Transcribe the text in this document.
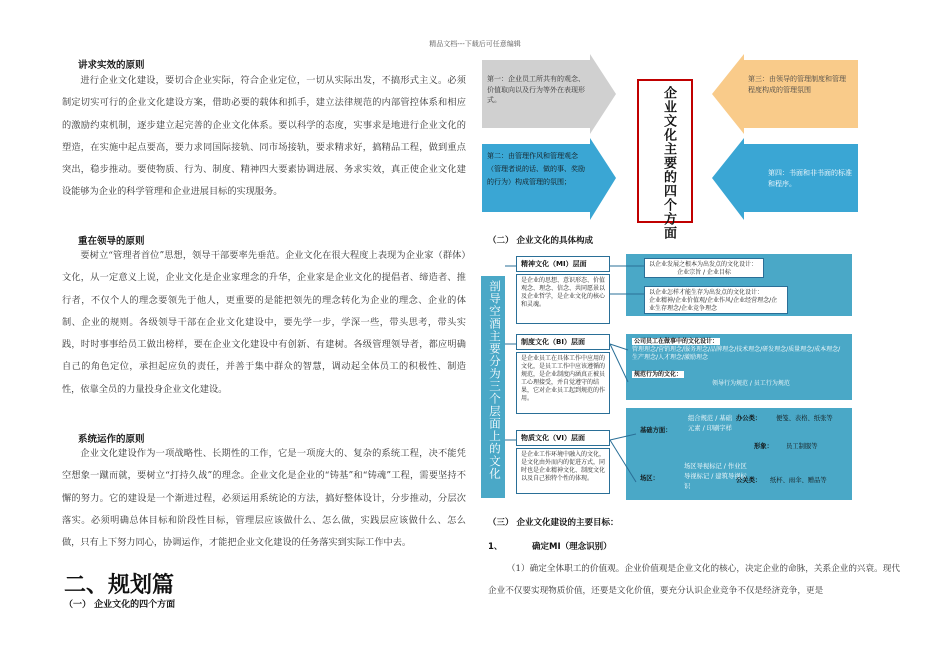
精品文档---下载后可任意编辑
讲求实效的原则
进行企业文化建设，要切合企业实际，符合企业定位，一切从实际出发，不搞形式主义。必须制定切实可行的企业文化建设方案，借助必要的载体和抓手，建立法律规范的内部管控体系和相应的激励约束机制，逐步建立起完善的企业文化体系。要以科学的态度，实事求是地进行企业文化的塑造，在实施中起点要高，要力求同国际接轨、同市场接轨，要求精求好，搞精品工程，做到重点突出，稳步推动。要使物质、行为、制度、精神四大要素协调进展、务求实效，真正使企业文化建设能够为企业的科学管理和企业进展目标的实现服务。
重在领导的原则
要树立“管理者首位”思想，领导干部要率先垂范。企业文化在很大程度上表现为企业家（群体）文化，从一定意义上说，企业文化是企业家理念的升华，企业家是企业文化的提倡者、缔造者、推行者，不仅个人的理念要领先于他人，更重要的是能把领先的理念转化为企业的理念、企业的体制、企业的规则。各级领导干部在企业文化建设中，要先学一步，学深一些，带头思考，带头实践，时时事事给员工做出榜样，要在企业文化建设中有创新、有建树。各级管理领导者，都应明确自己的角色定位，承担起应负的责任，并善于集中群众的智慧，调动起全体员工的积极性、制造性，依靠全员的力量投身企业文化建设。
系统运作的原则
企业文化建设作为一项战略性、长期性的工作，它是一项庞大的、复杂的系统工程，决不能凭空想象一蹴而就，要树立“打持久战”的理念。企业文化是企业的“铸基”和“铸魂”工程，需要坚持不懈的努力。它的建设是一个渐进过程，必须运用系统论的方法，搞好整体设计，分步推动，分层次落实。必须明确总体目标和阶段性目标，管理层应该做什么、怎么做，实践层应该做什么、怎么做，只有上下努力同心，协调运作，才能把企业文化建设的任务落实到实际工作中去。
二、规划篇
（一） 企业文化的四个方面
第一：企业员工所共有的观念、价值取向以及行为等外在表现形式。
第二：由管理作风和管理观念（管理者说的话、做的事、奖励的行为）构成管理的氛围；
第三：由领导的管理制度和管理程度构成的管理氛围
第四：书面和非书面的标准和程序。
企业文化主要的四个方面
（二） 企业文化的具体构成
剖导空酒主要分为三个层面上的文化
精神文化（MI）层面
是企业的思想、意识形态、价值观念、理念、信念、共同愿景以及企业哲学，是企业文化的核心和灵魂。
以企业发展之根本为出发点的文化设计：
企业宗旨 / 企业目标
以企业怎样才能生存为出发点的文化设计：
企业精神/企业价值观/企业作风/企业经营理念/企业生存理念/企业竞争理念
制度文化（BI）层面
是企业员工在具体工作中应用的文化，是员工工作中应该遵循的规范，是企业制度内涵真正被员工心理接受，并自觉遵守的结果，它对企业员工起到规范的作用。
公司员工在做事中的文化设计：
管理理念/营销理念/服务理念/品牌理念/技术理念/研发理念/质量理念/成本理念/生产理念/人才理念/激励理念
规范行为的文化：
领导行为规范 / 员工行为规范
物质文化（VI）层面
是企业工作环境中融入的文化，是文化由外而内的促进方式，同时也是企业精神文化、制度文化以及自己独特个性的体现。
基础方面：
组合规范 / 基础元素 / 印刷字样
场区：
场区导视标记 / 作业区导视标记 / 建筑导视标识
办公类： 便笺、表格、纸张等
形象： 员工制服等
公关类： 纸杯、雨伞、赠品等
（三） 企业文化建设的主要目标：
1、	确定MI（理念识别）
（1）确定全体职工的价值观。企业价值观是企业文化的核心，决定企业的命脉，关系企业的兴衰。现代企业不仅要实现物质价值，还要是文化价值，要充分认识企业竞争不仅是经济竞争，更是
